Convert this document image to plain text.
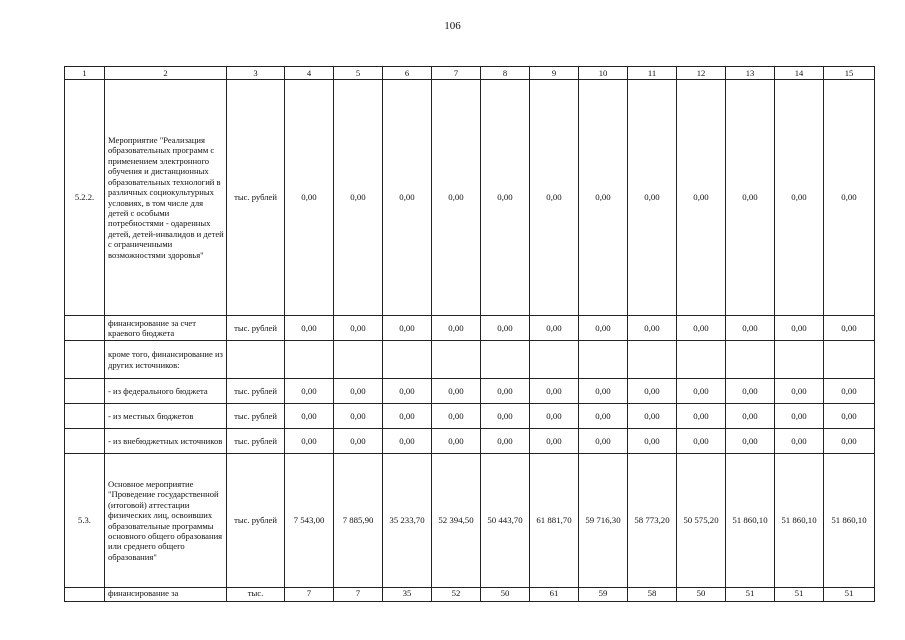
106
1	2	3	4	5	6	7	8	9	10	11	12	13	14	15
5.2.2.	Мероприятие "Реализация образовательных программ с применением электронного обучения и дистанционных образовательных технологий в различных социокультурных условиях, в том числе для детей с особыми потребностями - одаренных детей, детей-инвалидов и детей с ограниченными возможностями здоровья"	тыс. рублей	0,00	0,00	0,00	0,00	0,00	0,00	0,00	0,00	0,00	0,00	0,00	0,00
	финансирование за счет краевого бюджета	тыс. рублей	0,00	0,00	0,00	0,00	0,00	0,00	0,00	0,00	0,00	0,00	0,00	0,00
	кроме того, финансирование из других источников:													
	- из федерального бюджета	тыс. рублей	0,00	0,00	0,00	0,00	0,00	0,00	0,00	0,00	0,00	0,00	0,00	0,00
	- из местных бюджетов	тыс. рублей	0,00	0,00	0,00	0,00	0,00	0,00	0,00	0,00	0,00	0,00	0,00	0,00
	- из внебюджетных источников	тыс. рублей	0,00	0,00	0,00	0,00	0,00	0,00	0,00	0,00	0,00	0,00	0,00	0,00
5.3.	Основное мероприятие "Проведение государственной (итоговой) аттестации физических лиц, освоивших образовательные программы основного общего образования или среднего общего образования"	тыс. рублей	7 543,00	7 885,90	35 233,70	52 394,50	50 443,70	61 881,70	59 716,30	58 773,20	50 575,20	51 860,10	51 860,10	51 860,10
	финансирование за	тыс.	7	7	35	52	50	61	59	58	50	51	51	51
